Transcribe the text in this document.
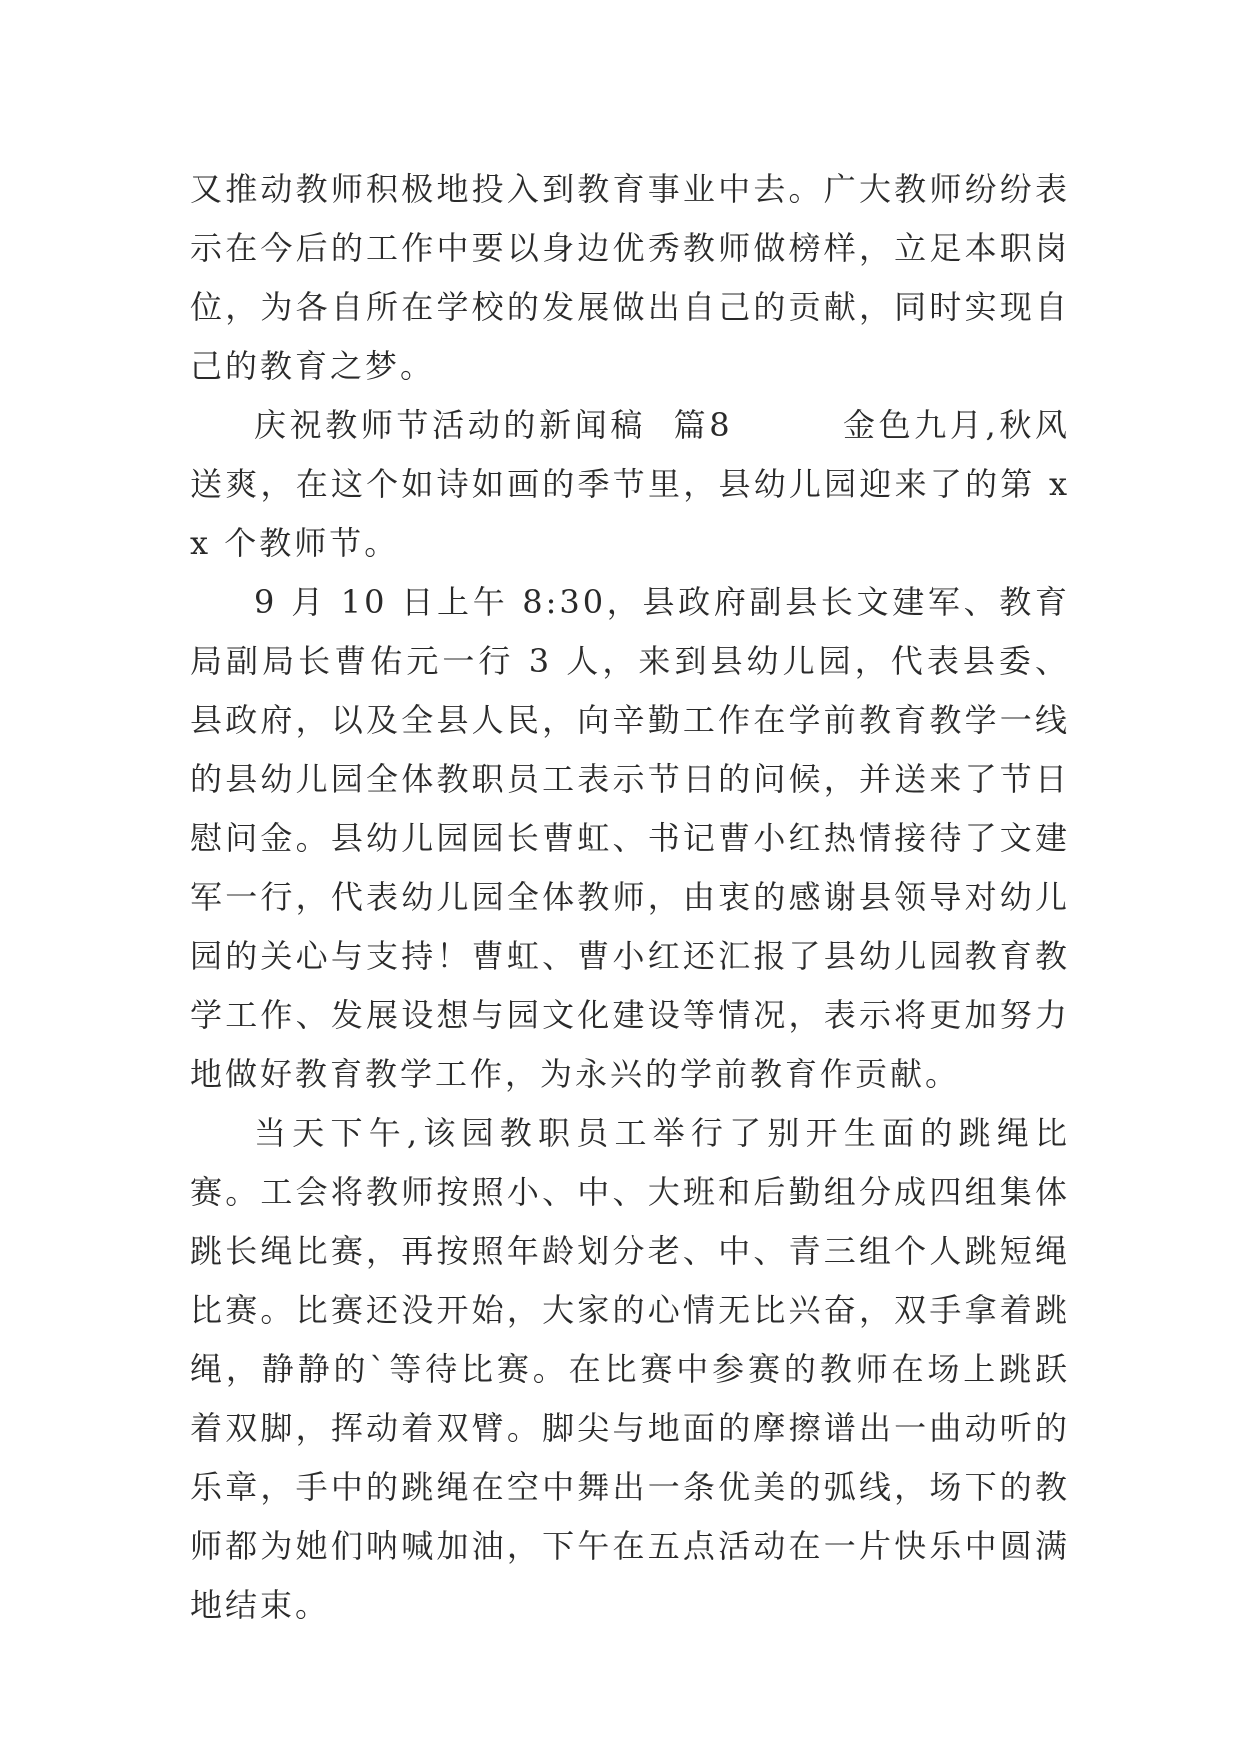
又推动教师积极地投入到教育事业中去。广大教师纷纷表示在今后的工作中要以身边优秀教师做榜样，立足本职岗位，为各自所在学校的发展做出自己的贡献，同时实现自己的教育之梦。

庆祝教师节活动的新闻稿  篇8        金色九月,秋风送爽，在这个如诗如画的季节里，县幼儿园迎来了的第 xx 个教师节。

9 月 10 日上午 8:30，县政府副县长文建军、教育局副局长曹佑元一行 3 人，来到县幼儿园，代表县委、县政府，以及全县人民，向辛勤工作在学前教育教学一线的县幼儿园全体教职员工表示节日的问候，并送来了节日慰问金。县幼儿园园长曹虹、书记曹小红热情接待了文建军一行，代表幼儿园全体教师，由衷的感谢县领导对幼儿园的关心与支持！曹虹、曹小红还汇报了县幼儿园教育教学工作、发展设想与园文化建设等情况，表示将更加努力地做好教育教学工作，为永兴的学前教育作贡献。

当天下午,该园教职员工举行了别开生面的跳绳比赛。工会将教师按照小、中、大班和后勤组分成四组集体跳长绳比赛，再按照年龄划分老、中、青三组个人跳短绳比赛。比赛还没开始，大家的心情无比兴奋，双手拿着跳绳，静静的`等待比赛。在比赛中参赛的教师在场上跳跃着双脚，挥动着双臂。脚尖与地面的摩擦谱出一曲动听的乐章，手中的跳绳在空中舞出一条优美的弧线，场下的教师都为她们呐喊加油，下午在五点活动在一片快乐中圆满地结束。
